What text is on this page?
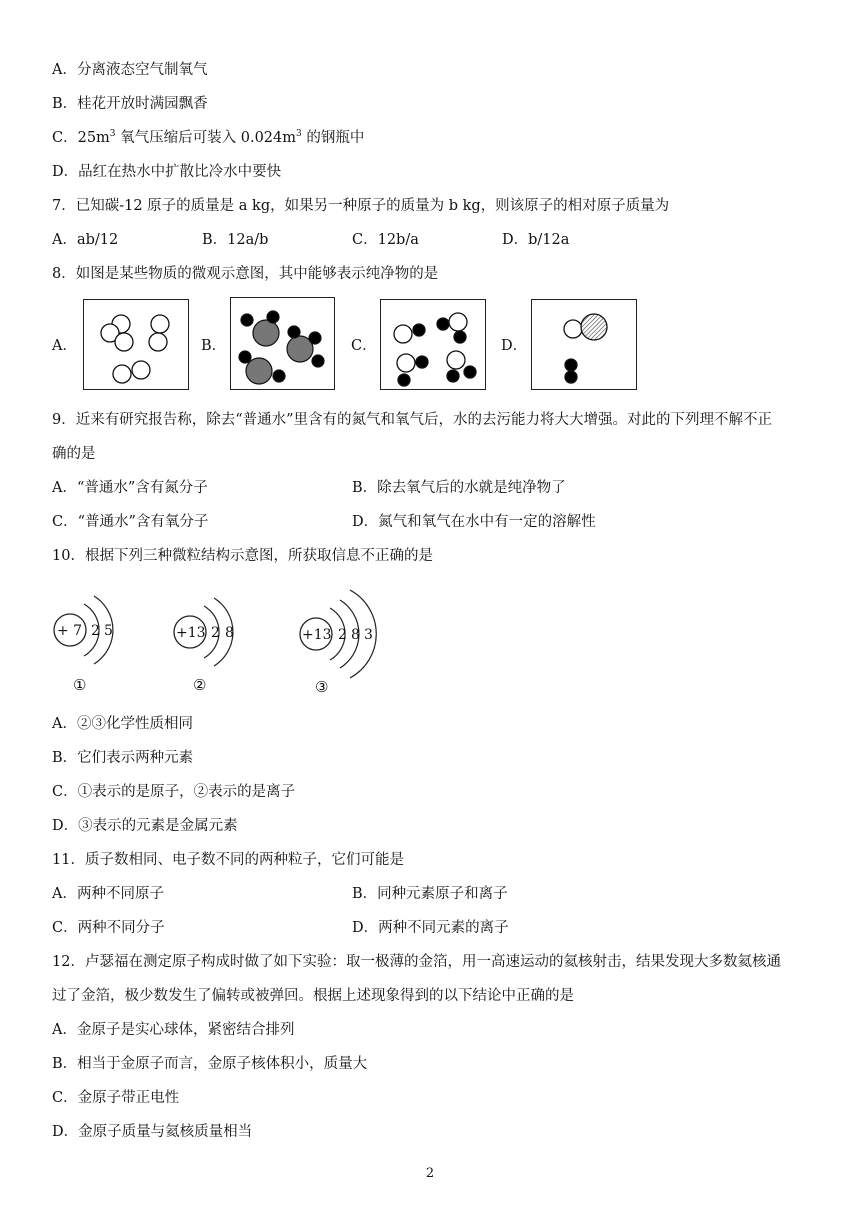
A．分离液态空气制氧气
B．桂花开放时满园飘香
C．$25m^3$ 氧气压缩后可装入 $0.024m^3$ 的钢瓶中
D．品红在热水中扩散比冷水中要快
7．已知碳-12 原子的质量是 a kg，如果另一种原子的质量为 b kg，则该原子的相对原子质量为
A．ab/12	B．12a/b	C．12b/a	D．b/12a
8．如图是某些物质的微观示意图，其中能够表示纯净物的是
A．	B．	C．	D．
9．近来有研究报告称，除去“普通水”里含有的氮气和氧气后，水的去污能力将大大增强。对此的下列理不解不正
确的是
A．“普通水”含有氮分子	B．除去氧气后的水就是纯净物了
C．“普通水”含有氧分子	D．氮气和氧气在水中有一定的溶解性
10．根据下列三种微粒结构示意图，所获取信息不正确的是
+ 7 2 5
①
+13 2 8
②
+13 2 8 3
③
A．②③化学性质相同
B．它们表示两种元素
C．①表示的是原子，②表示的是离子
D．③表示的元素是金属元素
11．质子数相同、电子数不同的两种粒子，它们可能是
A．两种不同原子	B．同种元素原子和离子
C．两种不同分子	D．两种不同元素的离子
12．卢瑟福在测定原子构成时做了如下实验：取一极薄的金箔，用一高速运动的氦核射击，结果发现大多数氦核通
过了金箔，极少数发生了偏转或被弹回。根据上述现象得到的以下结论中正确的是
A．金原子是实心球体，紧密结合排列
B．相当于金原子而言，金原子核体积小，质量大
C．金原子带正电性
D．金原子质量与氦核质量相当
2
